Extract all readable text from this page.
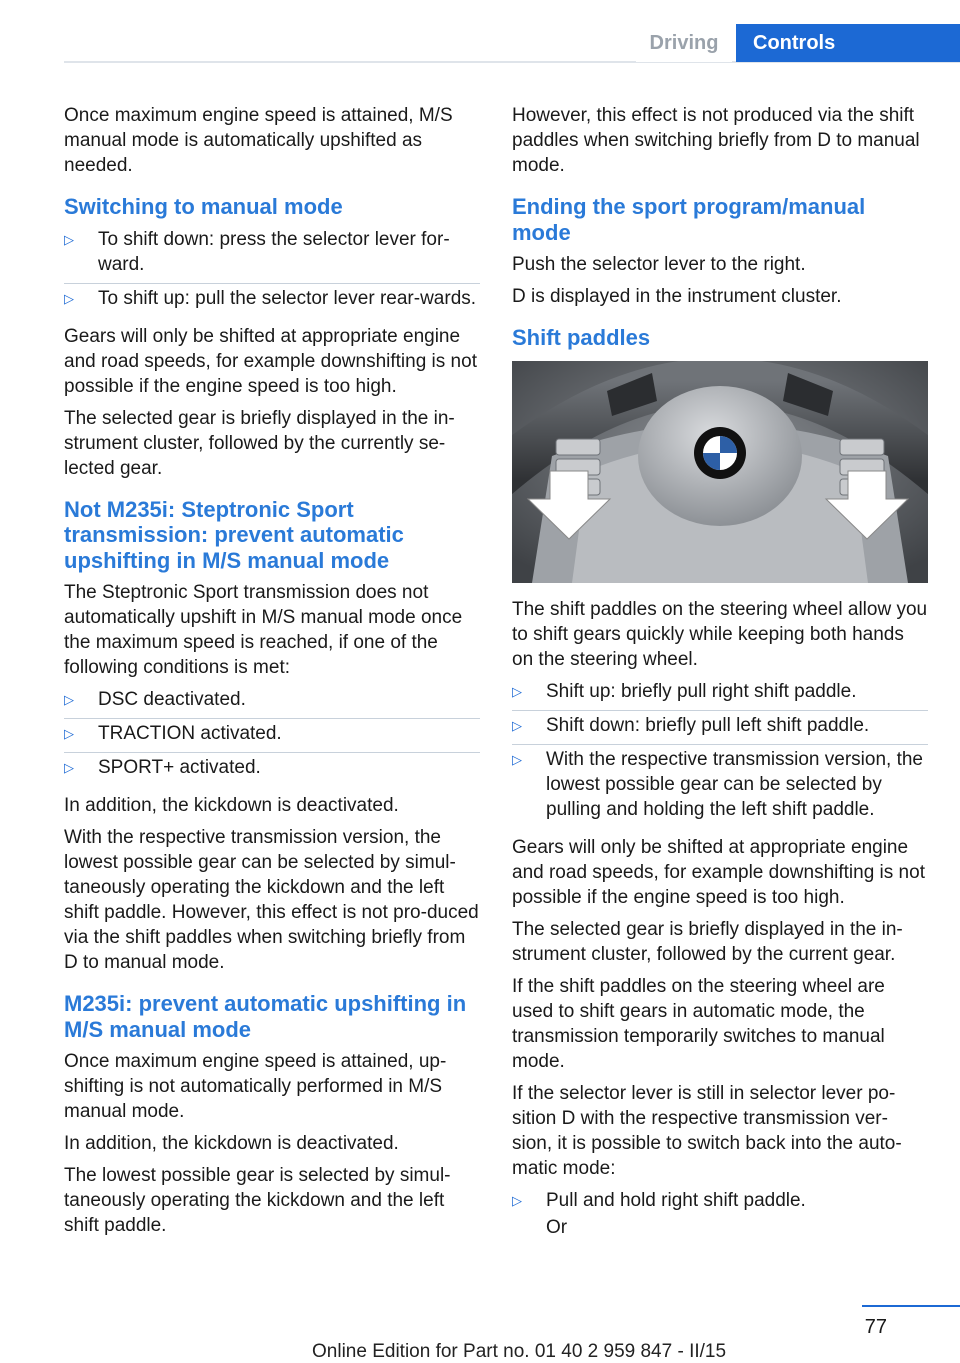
Driving	Controls

Once maximum engine speed is attained, M/S manual mode is automatically upshifted as needed.

Switching to manual mode
▷ To shift down: press the selector lever for‐ward.
▷ To shift up: pull the selector lever rear‐wards.

Gears will only be shifted at appropriate engine and road speeds, for example downshifting is not possible if the engine speed is too high.

The selected gear is briefly displayed in the in‐strument cluster, followed by the currently se‐lected gear.

Not M235i: Steptronic Sport transmission: prevent automatic upshifting in M/S manual mode

The Steptronic Sport transmission does not automatically upshift in M/S manual mode once the maximum speed is reached, if one of the following conditions is met:

▷ DSC deactivated.
▷ TRACTION activated.
▷ SPORT+ activated.

In addition, the kickdown is deactivated.

With the respective transmission version, the lowest possible gear can be selected by simul‐taneously operating the kickdown and the left shift paddle. However, this effect is not pro‐duced via the shift paddles when switching briefly from D to manual mode.

M235i: prevent automatic upshifting in M/S manual mode

Once maximum engine speed is attained, up‐shifting is not automatically performed in M/S manual mode.

In addition, the kickdown is deactivated.

The lowest possible gear is selected by simul‐taneously operating the kickdown and the left shift paddle.

However, this effect is not produced via the shift paddles when switching briefly from D to manual mode.

Ending the sport program/manual mode

Push the selector lever to the right.

D is displayed in the instrument cluster.

Shift paddles

The shift paddles on the steering wheel allow you to shift gears quickly while keeping both hands on the steering wheel.

▷ Shift up: briefly pull right shift paddle.
▷ Shift down: briefly pull left shift paddle.
▷ With the respective transmission version, the lowest possible gear can be selected by pulling and holding the left shift paddle.

Gears will only be shifted at appropriate engine and road speeds, for example downshifting is not possible if the engine speed is too high.

The selected gear is briefly displayed in the in‐strument cluster, followed by the current gear.

If the shift paddles on the steering wheel are used to shift gears in automatic mode, the transmission temporarily switches to manual mode.

If the selector lever is still in selector lever po‐sition D with the respective transmission ver‐sion, it is possible to switch back into the auto‐matic mode:

▷ Pull and hold right shift paddle.
Or
77
Online Edition for Part no. 01 40 2 959 847 - II/15
